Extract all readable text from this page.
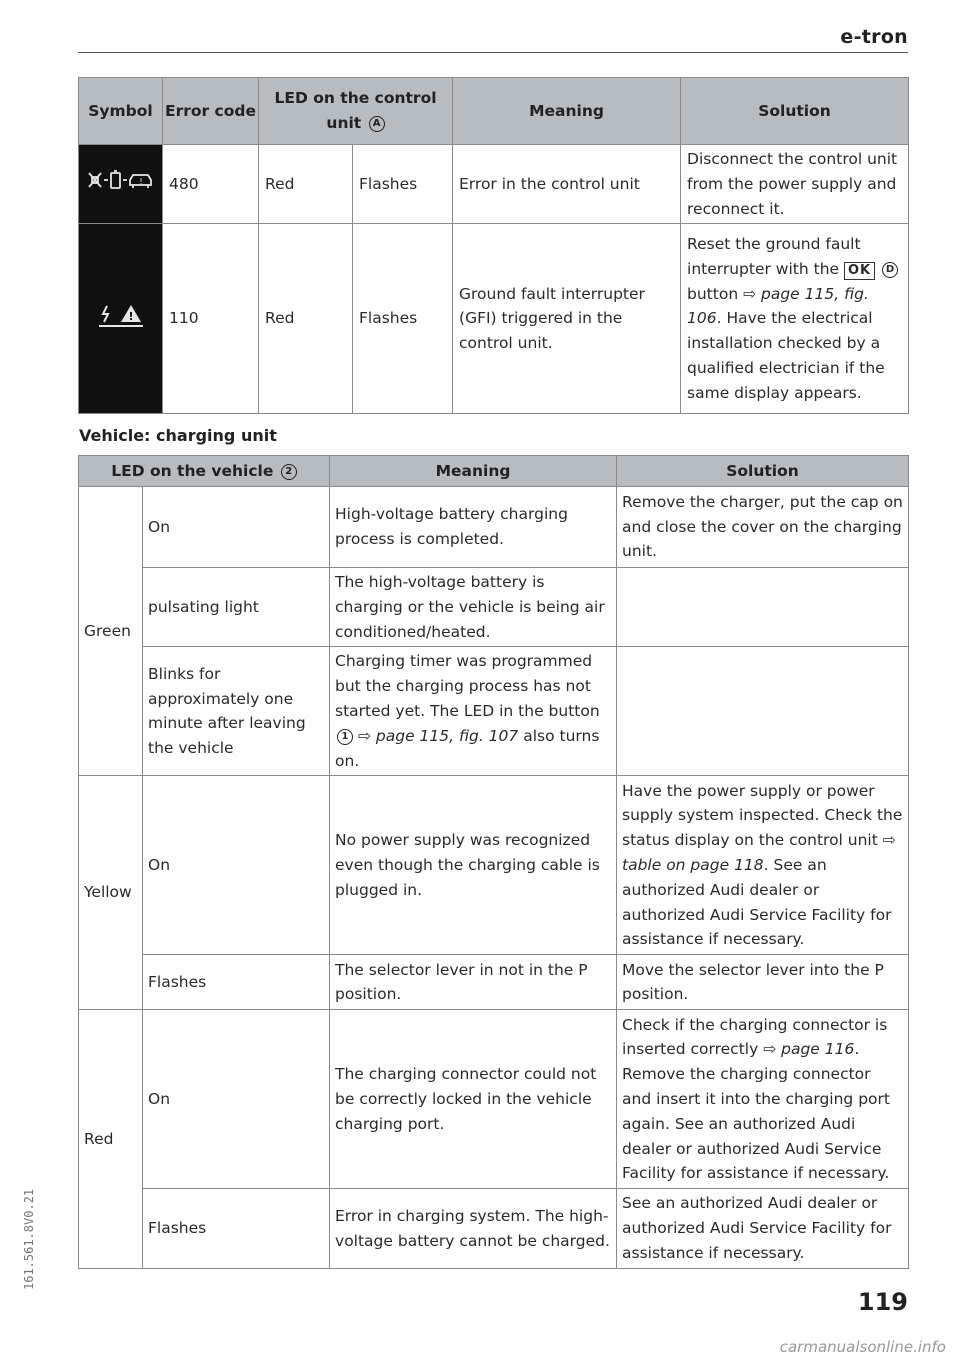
e-tron
Symbol	Error code	LED on the control
unit A		Meaning	Solution

!	480	Red	Flashes	Error in the control unit	Disconnect the control unit from the power supply and reconnect it.

!	110	Red	Flashes	Ground fault interrupter (GFI) triggered in the control unit.	Reset the ground fault interrupter with the OK D button ⇨ page 115, fig. 106. Have the electrical installation checked by a qualified electrician if the same display appears.
Vehicle: charging unit
LED on the vehicle 2		Meaning	Solution
Green	On	High-voltage battery charging process is completed.	Remove the charger, put the cap on and close the cover on the charging unit.
	pulsating light	The high-voltage battery is charging or the vehicle is being air conditioned/heated.	
	Blinks for approximately one minute after leaving the vehicle	Charging timer was programmed but the charging process has not started yet. The LED in the button 1 ⇨ page 115, fig. 107 also turns on.	
Yellow	On	No power supply was recognized even though the charging cable is plugged in.	Have the power supply or power supply system inspected. Check the status display on the control unit ⇨ table on page 118. See an authorized Audi dealer or authorized Audi Service Facility for assistance if necessary.
	Flashes	The selector lever in not in the P position.	Move the selector lever into the P position.
Red	On	The charging connector could not be correctly locked in the vehicle charging port.	Check if the charging connector is inserted correctly ⇨ page 116. Remove the charging connector and insert it into the charging port again. See an authorized Audi dealer or authorized Audi Service Facility for assistance if necessary.
	Flashes	Error in charging system. The high-voltage battery cannot be charged.	See an authorized Audi dealer or authorized Audi Service Facility for assistance if necessary.
161.561.8V0.21
119
carmanualsonline.info
